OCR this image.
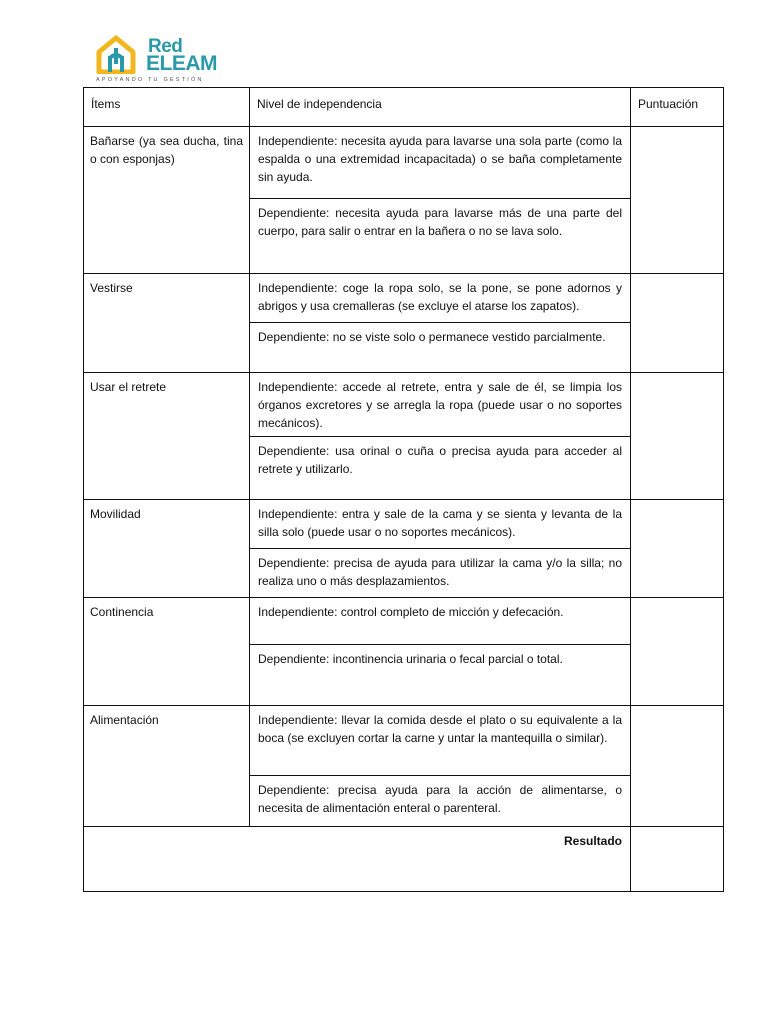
Red
ELEAM
APOYANDO TU GESTIÓN
Ítems	Nivel de independencia	Puntuación

Bañarse (ya sea ducha, tina o con esponjas)	Independiente: necesita ayuda para lavarse una sola parte (como la espalda o una extremidad incapacitada) o se baña completamente sin ayuda.
Dependiente: necesita ayuda para lavarse más de una parte del cuerpo, para salir o entrar en la bañera o no se lava solo.	

Vestirse	Independiente: coge la ropa solo, se la pone, se pone adornos y abrigos y usa cremalleras (se excluye el atarse los zapatos).
Dependiente: no se viste solo o permanece vestido parcialmente.	

Usar el retrete	Independiente: accede al retrete, entra y sale de él, se limpia los órganos excretores y se arregla la ropa (puede usar o no soportes mecánicos).
Dependiente: usa orinal o cuña o precisa ayuda para acceder al retrete y utilizarlo.	

Movilidad	Independiente: entra y sale de la cama y se sienta y levanta de la silla solo (puede usar o no soportes mecánicos).
Dependiente: precisa de ayuda para utilizar la cama y/o la silla; no realiza uno o más desplazamientos.	

Continencia	Independiente: control completo de micción y defecación.
Dependiente: incontinencia urinaria o fecal parcial o total.	

Alimentación	Independiente: llevar la comida desde el plato o su equivalente a la boca (se excluyen cortar la carne y untar la mantequilla o similar).
Dependiente: precisa ayuda para la acción de alimentarse, o necesita de alimentación enteral o parenteral.	

Resultado		
